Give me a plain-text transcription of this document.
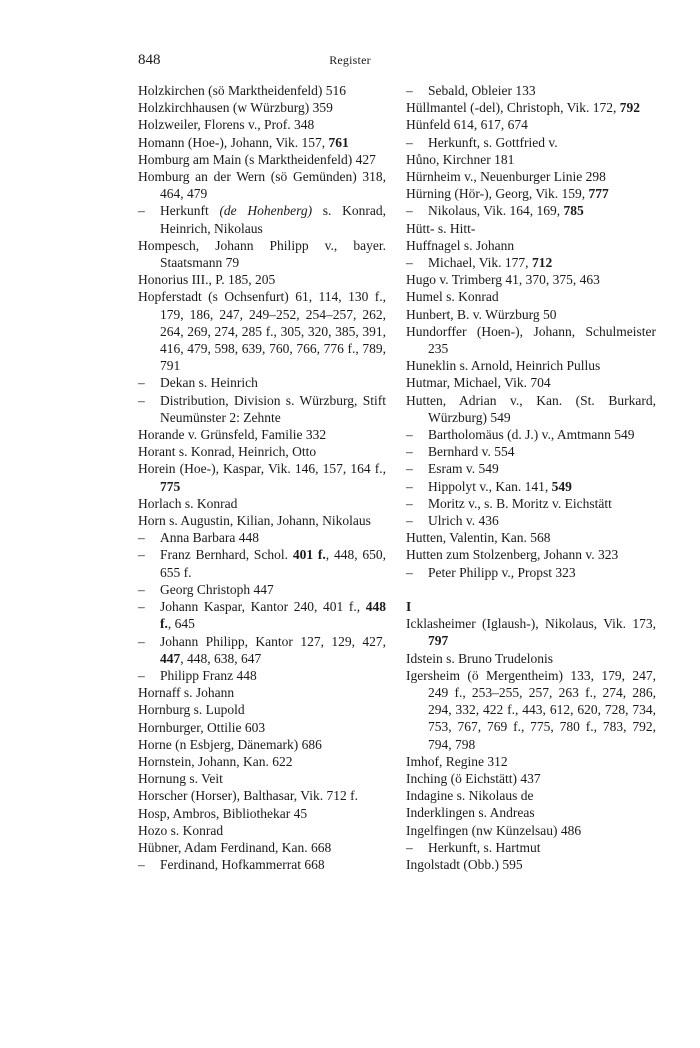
848	Register
Holzkirchen (sö Marktheidenfeld) 516
Holzkirchhausen (w Würzburg) 359
Holzweiler, Florens v., Prof. 348
Homann (Hoe-), Johann, Vik. 157, 761
Homburg am Main (s Marktheidenfeld) 427
Homburg an der Wern (sö Gemünden) 318, 464, 479
– Herkunft (de Hohenberg) s. Konrad, Heinrich, Nikolaus
Hompesch, Johann Philipp v., bayer. Staatsmann 79
Honorius III., P. 185, 205
Hopferstadt (s Ochsenfurt) 61, 114, 130 f., 179, 186, 247, 249–252, 254–257, 262, 264, 269, 274, 285 f., 305, 320, 385, 391, 416, 479, 598, 639, 760, 766, 776 f., 789, 791
– Dekan s. Heinrich
– Distribution, Division s. Würzburg, Stift Neumünster 2: Zehnte
Horande v. Grünsfeld, Familie 332
Horant s. Konrad, Heinrich, Otto
Horein (Hoe-), Kaspar, Vik. 146, 157, 164 f., 775
Horlach s. Konrad
Horn s. Augustin, Kilian, Johann, Nikolaus
– Anna Barbara 448
– Franz Bernhard, Schol. 401 f., 448, 650, 655 f.
– Georg Christoph 447
– Johann Kaspar, Kantor 240, 401 f., 448 f., 645
– Johann Philipp, Kantor 127, 129, 427, 447, 448, 638, 647
– Philipp Franz 448
Hornaff s. Johann
Hornburg s. Lupold
Hornburger, Ottilie 603
Horne (n Esbjerg, Dänemark) 686
Hornstein, Johann, Kan. 622
Hornung s. Veit
Horscher (Horser), Balthasar, Vik. 712 f.
Hosp, Ambros, Bibliothekar 45
Hozo s. Konrad
Hübner, Adam Ferdinand, Kan. 668
– Ferdinand, Hofkammerrat 668
– Sebald, Obleier 133
Hüllmantel (-del), Christoph, Vik. 172, 792
Hünfeld 614, 617, 674
– Herkunft, s. Gottfried v.
Hůno, Kirchner 181
Hürnheim v., Neuenburger Linie 298
Hürning (Hör-), Georg, Vik. 159, 777
– Nikolaus, Vik. 164, 169, 785
Hütt- s. Hitt-
Huffnagel s. Johann
– Michael, Vik. 177, 712
Hugo v. Trimberg 41, 370, 375, 463
Humel s. Konrad
Hunbert, B. v. Würzburg 50
Hundorffer (Hoen-), Johann, Schulmeister 235
Huneklin s. Arnold, Heinrich Pullus
Hutmar, Michael, Vik. 704
Hutten, Adrian v., Kan. (St. Burkard, Würzburg) 549
– Bartholomäus (d. J.) v., Amtmann 549
– Bernhard v. 554
– Esram v. 549
– Hippolyt v., Kan. 141, 549
– Moritz v., s. B. Moritz v. Eichstätt
– Ulrich v. 436
Hutten, Valentin, Kan. 568
Hutten zum Stolzenberg, Johann v. 323
– Peter Philipp v., Propst 323
I
Icklasheimer (Iglaush-), Nikolaus, Vik. 173, 797
Idstein s. Bruno Trudelonis
Igersheim (ö Mergentheim) 133, 179, 247, 249 f., 253–255, 257, 263 f., 274, 286, 294, 332, 422 f., 443, 612, 620, 728, 734, 753, 767, 769 f., 775, 780 f., 783, 792, 794, 798
Imhof, Regine 312
Inching (ö Eichstätt) 437
Indagine s. Nikolaus de
Inderklingen s. Andreas
Ingelfingen (nw Künzelsau) 486
– Herkunft, s. Hartmut
Ingolstadt (Obb.) 595
